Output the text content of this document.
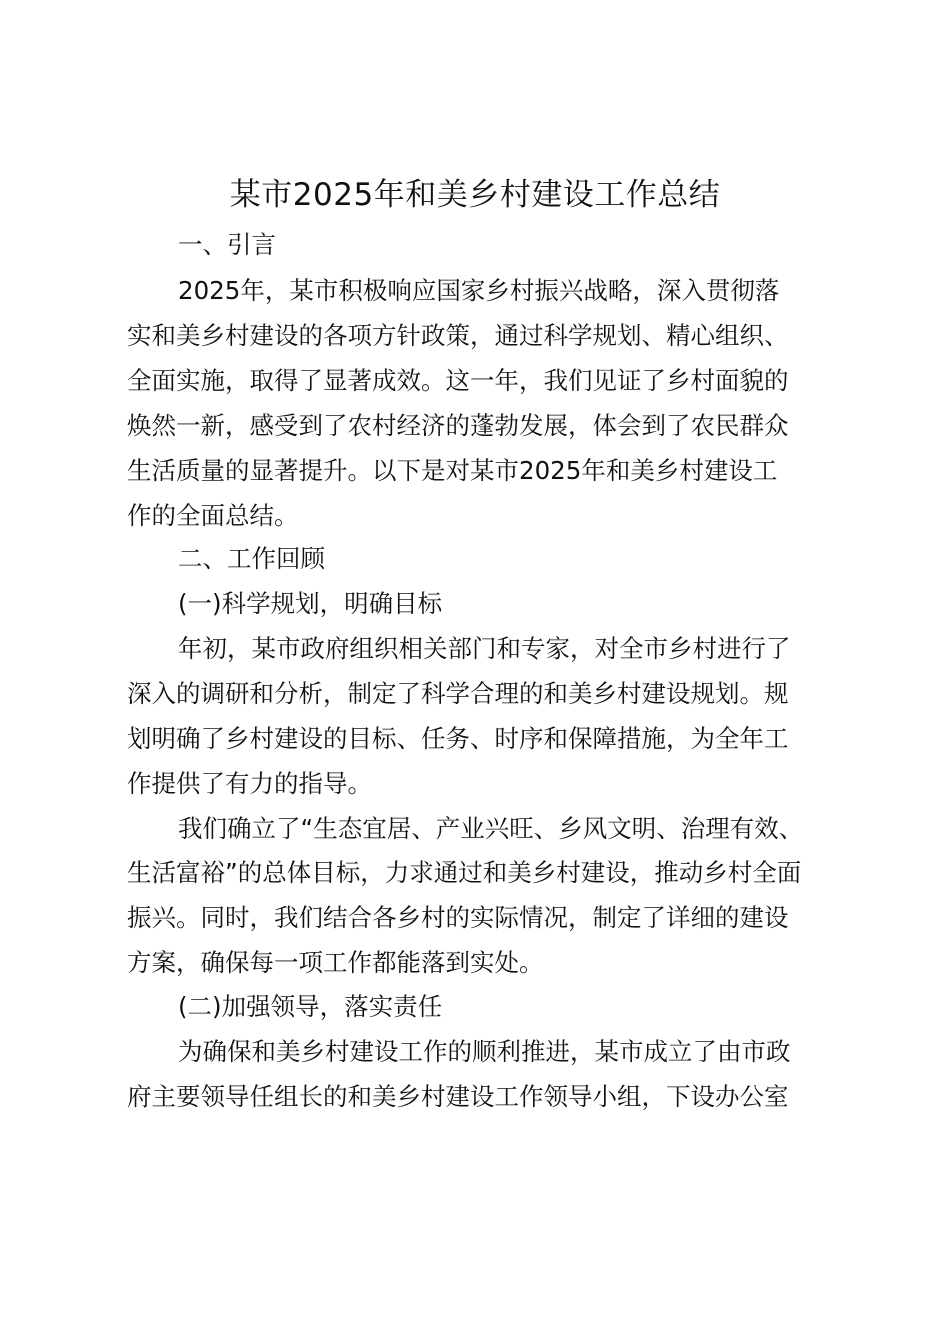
某市2025年和美乡村建设工作总结
一、引言
2025年，某市积极响应国家乡村振兴战略，深入贯彻落
实和美乡村建设的各项方针政策，通过科学规划、精心组织、
全面实施，取得了显著成效。这一年，我们见证了乡村面貌的
焕然一新，感受到了农村经济的蓬勃发展，体会到了农民群众
生活质量的显著提升。以下是对某市2025年和美乡村建设工
作的全面总结。
二、工作回顾
(一)科学规划，明确目标
年初，某市政府组织相关部门和专家，对全市乡村进行了
深入的调研和分析，制定了科学合理的和美乡村建设规划。规
划明确了乡村建设的目标、任务、时序和保障措施，为全年工
作提供了有力的指导。
我们确立了“生态宜居、产业兴旺、乡风文明、治理有效、
生活富裕”的总体目标，力求通过和美乡村建设，推动乡村全面
振兴。同时，我们结合各乡村的实际情况，制定了详细的建设
方案，确保每一项工作都能落到实处。
(二)加强领导，落实责任
为确保和美乡村建设工作的顺利推进，某市成立了由市政
府主要领导任组长的和美乡村建设工作领导小组，下设办公室
